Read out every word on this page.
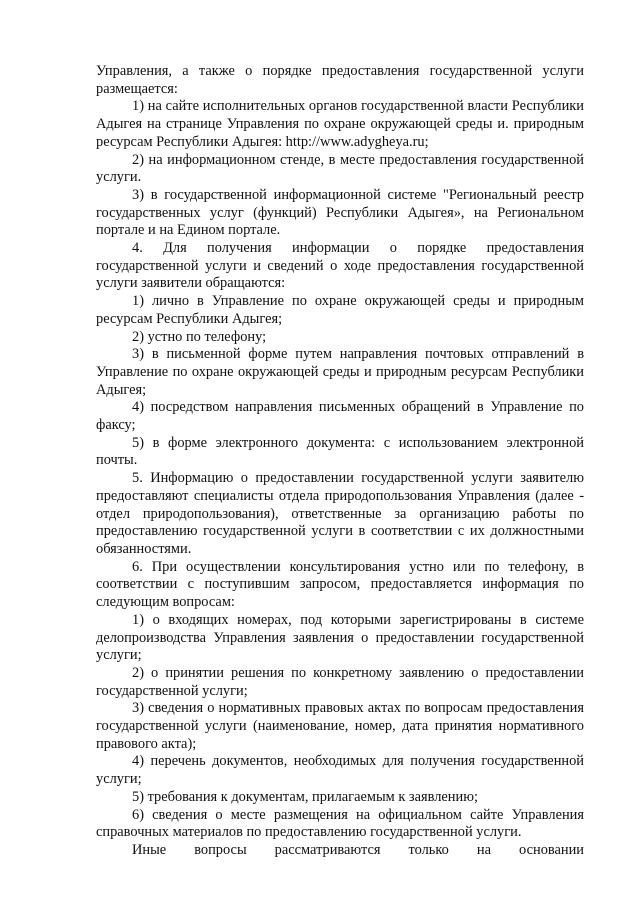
Управления, а также о порядке предоставления государственной услуги размещается:

1) на сайте исполнительных органов государственной власти Республики Адыгея на странице Управления по охране окружающей среды и. природным ресурсам Республики Адыгея: http://www.adygheya.ru;

2) на информационном стенде, в месте предоставления государственной услуги.

3) в государственной информационной системе "Региональный реестр государственных услуг (функций) Республики Адыгея», на Региональном портале и на Едином портале.

4. Для получения информации о порядке предоставления государственной услуги и сведений о ходе предоставления государственной услуги заявители обращаются:

1) лично в Управление по охране окружающей среды и природным ресурсам Республики Адыгея;

2) устно по телефону;

3) в письменной форме путем направления почтовых отправлений в Управление по охране окружающей среды и природным ресурсам Республики Адыгея;

4) посредством направления письменных обращений в Управление по факсу;

5) в форме электронного документа: с использованием электронной почты.

5. Информацию о предоставлении государственной услуги заявителю предоставляют специалисты отдела природопользования Управления (далее - отдел природопользования), ответственные за организацию работы по предоставлению государственной услуги в соответствии с их должностными обязанностями.

6. При осуществлении консультирования устно или по телефону, в соответствии с поступившим запросом, предоставляется информация по следующим вопросам:

1) о входящих номерах, под которыми зарегистрированы в системе делопроизводства Управления заявления о предоставлении государственной услуги;

2) о принятии решения по конкретному заявлению о предоставлении государственной услуги;

3) сведения о нормативных правовых актах по вопросам предоставления государственной услуги (наименование, номер, дата принятия нормативного правового акта);

4) перечень документов, необходимых для получения государственной услуги;

5) требования к документам, прилагаемым к заявлению;

6) сведения о месте размещения на официальном сайте Управления справочных материалов по предоставлению государственной услуги.

Иные вопросы рассматриваются только на основании
